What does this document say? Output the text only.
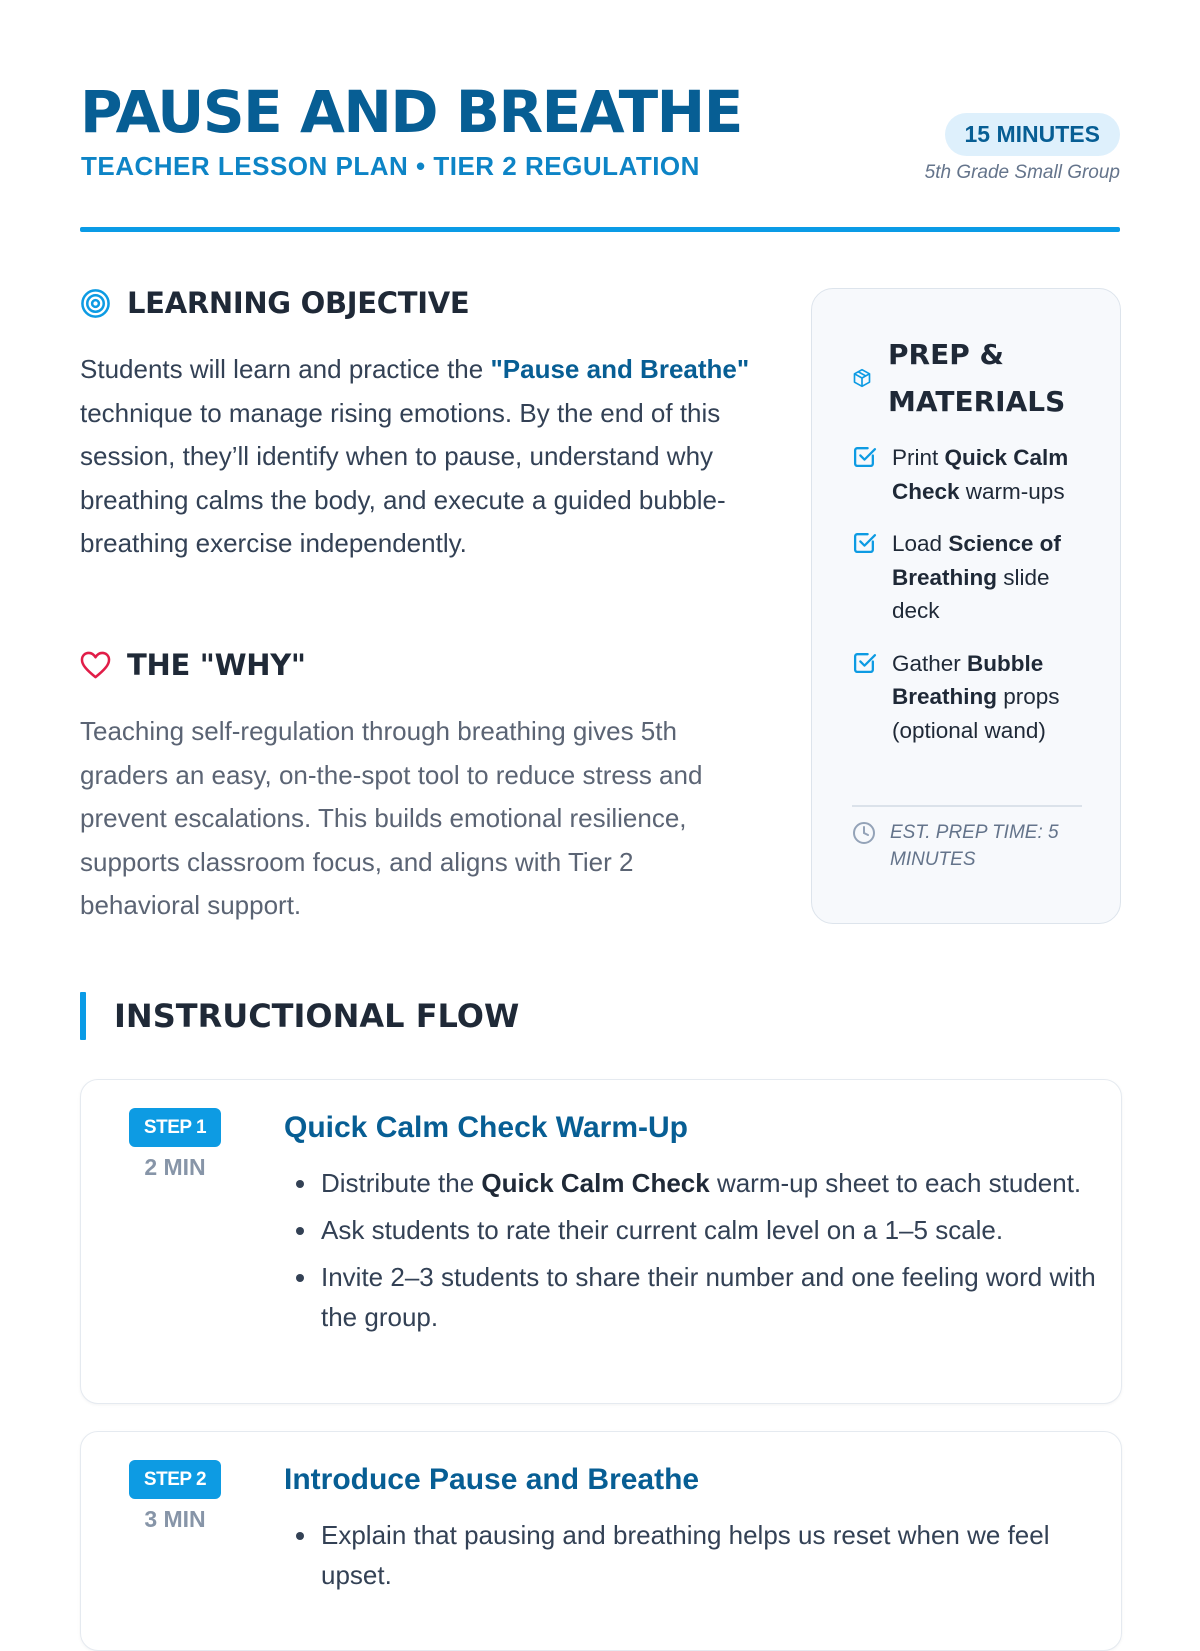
PAUSE AND BREATHE
TEACHER LESSON PLAN • TIER 2 REGULATION
15 MINUTES
5th Grade Small Group
LEARNING OBJECTIVE

Students will learn and practice the "Pause and Breathe" technique to manage rising emotions. By the end of this session, they’ll identify when to pause, understand why breathing calms the body, and execute a guided bubble-breathing exercise independently.

THE "WHY"

Teaching self-regulation through breathing gives 5th graders an easy, on-the-spot tool to reduce stress and prevent escalations. This builds emotional resilience, supports classroom focus, and aligns with Tier 2 behavioral support.

PREP & MATERIALS
Print Quick Calm Check warm-ups
Load Science of Breathing slide deck
Gather Bubble Breathing props (optional wand)
EST. PREP TIME: 5 MINUTES
INSTRUCTIONAL FLOW
STEP 1
2 MIN
Quick Calm Check Warm-Up
• Distribute the Quick Calm Check warm-up sheet to each student.
• Ask students to rate their current calm level on a 1–5 scale.
• Invite 2–3 students to share their number and one feeling word with the group.
STEP 2
3 MIN
Introduce Pause and Breathe
• Explain that pausing and breathing helps us reset when we feel upset.
